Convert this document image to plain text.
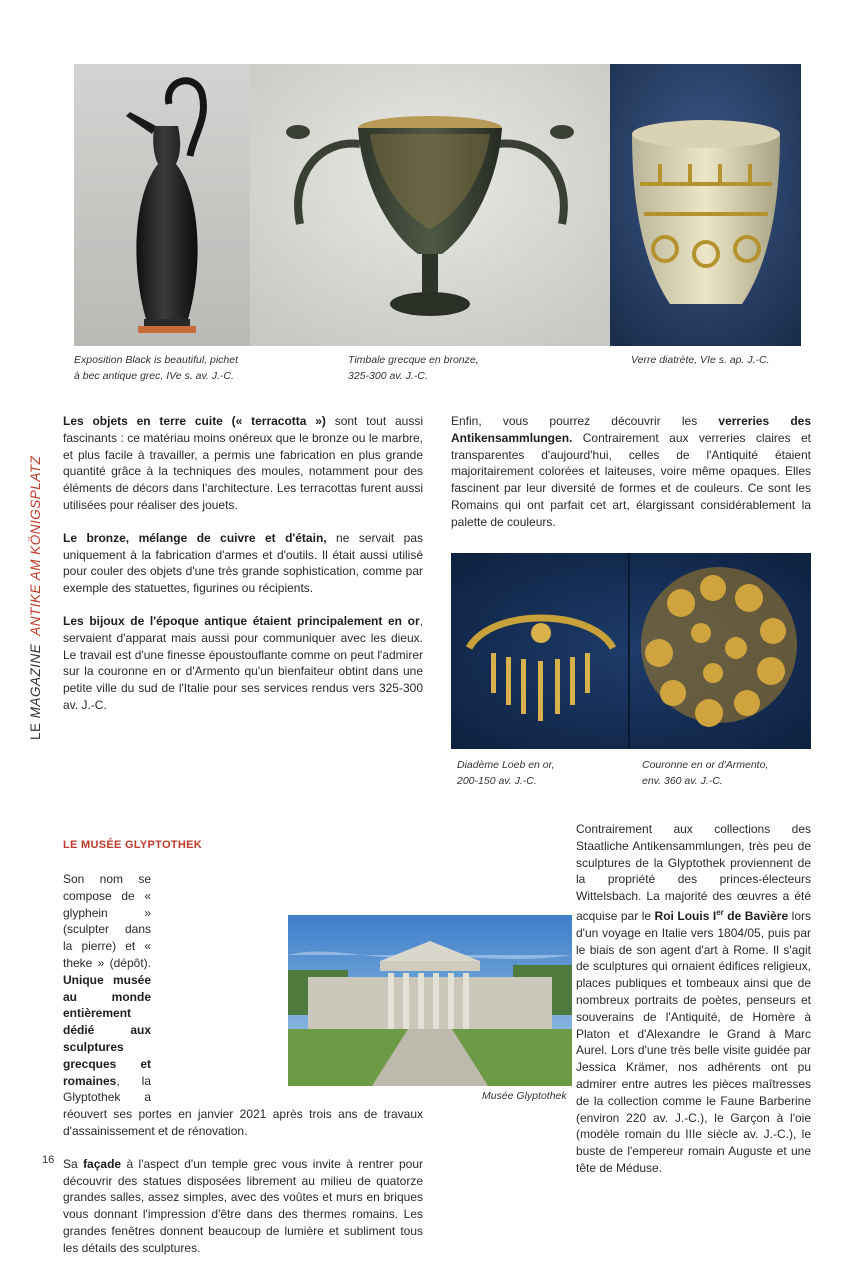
Exposition Black is beautiful, pichet
à bec antique grec, IVe s. av. J.-C.
Timbale grecque en bronze,
325-300 av. J.-C.
Verre diatrète, VIe s. ap. J.-C.
LE MAGAZINEANTIKE AM KÖNIGSPLATZ

Les objets en terre cuite (« terracotta ») sont tout aussi fascinants : ce matériau moins onéreux que le bronze ou le marbre, et plus facile à travailler, a permis une fabrication en plus grande quantité grâce à la techniques des moules, notamment pour des éléments de décors dans l'architecture. Les terracottas furent aussi utilisées pour réaliser des jouets.

Le bronze, mélange de cuivre et d'étain, ne servait pas uniquement à la fabrication d'armes et d'outils. Il était aussi utilisé pour couler des objets d'une très grande sophistication, comme par exemple des statuettes, figurines ou récipients.

Les bijoux de l'époque antique étaient principalement en or, servaient d'apparat mais aussi pour communiquer avec les dieux. Le travail est d'une finesse époustouflante comme on peut l'admirer sur la couronne en or d'Armento qu'un bienfaiteur obtint dans une petite ville du sud de l'Italie pour ses services rendus vers 325-300 av. J.-C.

Enfin, vous pourrez découvrir les verreries des Antikensammlungen. Contrairement aux verreries claires et transparentes d'aujourd'hui, celles de l'Antiquité étaient majoritairement colorées et laiteuses, voire même opaques. Elles fascinent par leur diversité de formes et de couleurs. Ce sont les Romains qui ont parfait cet art, élargissant considérablement la palette de couleurs.

Diadème Loeb en or,
200-150 av. J.-C.
Couronne en or d'Armento,
env. 360 av. J.-C.
LE MUSÉE GLYPTOTHEK

Son nom se compose de « glyphein » (sculpter dans la pierre) et « theke » (dépôt). Unique musée au monde entièrement dédié aux sculptures grecques et romaines, la Glyptothek a réouvert ses portes en janvier 2021 après trois ans de travaux d'assainissement et de rénovation.

Sa façade à l'aspect d'un temple grec vous invite à rentrer pour découvrir des statues disposées librement au milieu de quatorze grandes salles, assez simples, avec des voûtes et murs en briques vous donnant l'impression d'être dans des thermes romains. Les grandes fenêtres donnent beaucoup de lumière et subliment tous les détails des sculptures.

Contrairement aux collections des Staatliche Antikensammlungen, très peu de sculptures de la Glyptothek proviennent de la propriété des princes-électeurs Wittelsbach. La majorité des œuvres a été acquise par le Roi Louis Ier de Bavière lors d'un voyage en Italie vers 1804/05, puis par le biais de son agent d'art à Rome. Il s'agit de sculptures qui ornaient édifices religieux, places publiques et tombeaux ainsi que de nombreux portraits de poètes, penseurs et souverains de l'Antiquité, de Homère à Platon et d'Alexandre le Grand à Marc Aurel. Lors d'une très belle visite guidée par Jessica Krämer, nos adhérents ont pu admirer entre autres les pièces maîtresses de la collection comme le Faune Barberine (environ 220 av. J.-C.), le Garçon à l'oie (modèle romain du IIIe siècle av. J.-C.), le buste de l'empereur romain Auguste et une tête de Méduse.

Musée Glyptothek
16
